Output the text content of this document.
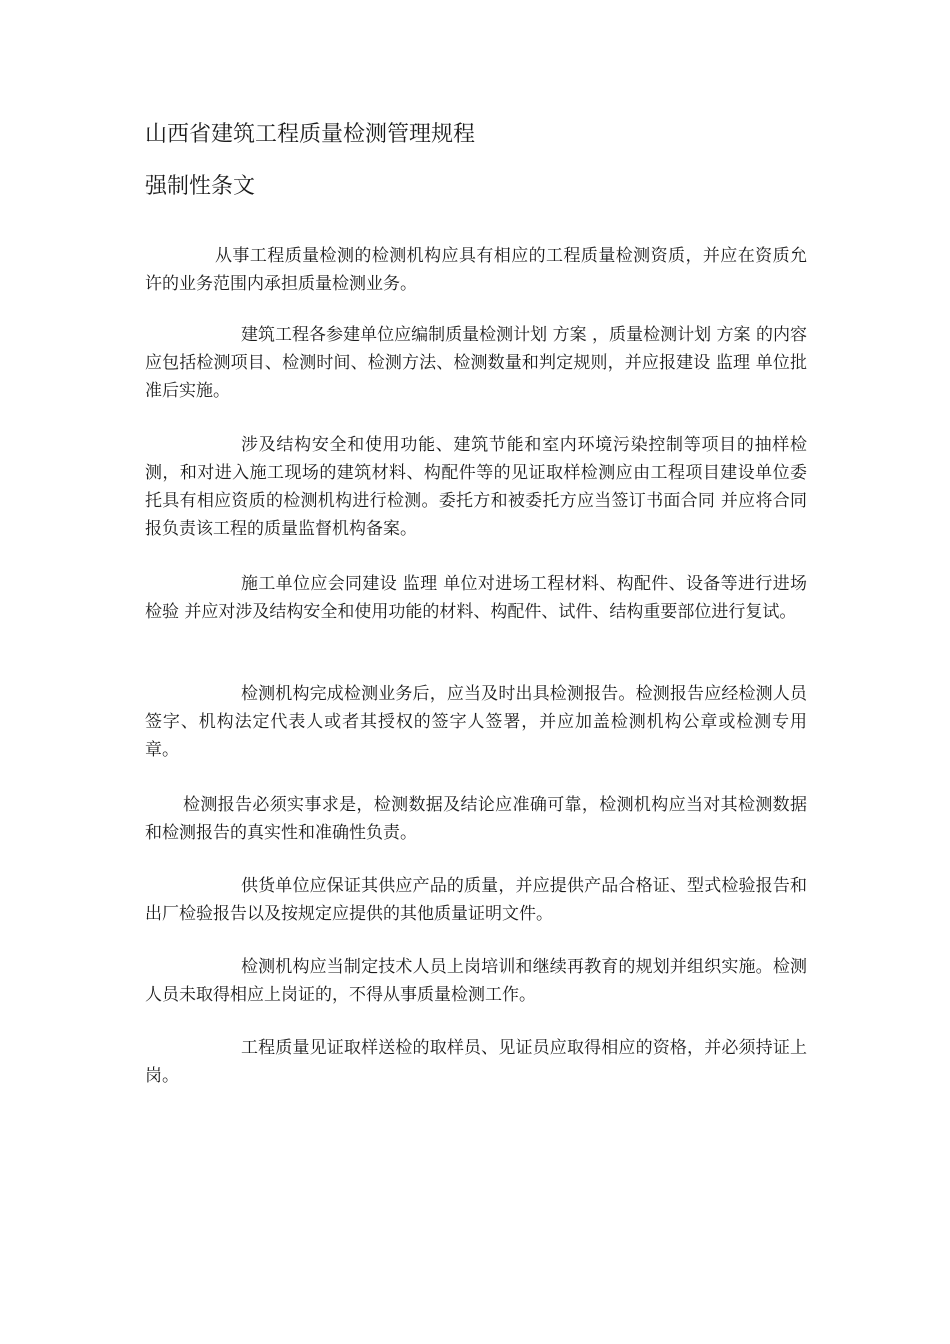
山西省建筑工程质量检测管理规程
强制性条文

从事工程质量检测的检测机构应具有相应的工程质量检测资质，并应在资质允许的业务范围内承担质量检测业务。

建筑工程各参建单位应编制质量检测计划 方案 ，质量检测计划 方案 的内容应包括检测项目、检测时间、检测方法、检测数量和判定规则，并应报建设 监理 单位批准后实施。

涉及结构安全和使用功能、建筑节能和室内环境污染控制等项目的抽样检测，和对进入施工现场的建筑材料、构配件等的见证取样检测应由工程项目建设单位委托具有相应资质的检测机构进行检测。委托方和被委托方应当签订书面合同 并应将合同报负责该工程的质量监督机构备案。

施工单位应会同建设 监理 单位对进场工程材料、构配件、设备等进行进场检验 并应对涉及结构安全和使用功能的材料、构配件、试件、结构重要部位进行复试。

检测机构完成检测业务后，应当及时出具检测报告。检测报告应经检测人员签字、机构法定代表人或者其授权的签字人签署，并应加盖检测机构公章或检测专用章。

检测报告必须实事求是，检测数据及结论应准确可靠，检测机构应当对其检测数据和检测报告的真实性和准确性负责。

供货单位应保证其供应产品的质量，并应提供产品合格证、型式检验报告和出厂检验报告以及按规定应提供的其他质量证明文件。

检测机构应当制定技术人员上岗培训和继续再教育的规划并组织实施。检测人员未取得相应上岗证的，不得从事质量检测工作。

工程质量见证取样送检的取样员、见证员应取得相应的资格，并必须持证上岗。
